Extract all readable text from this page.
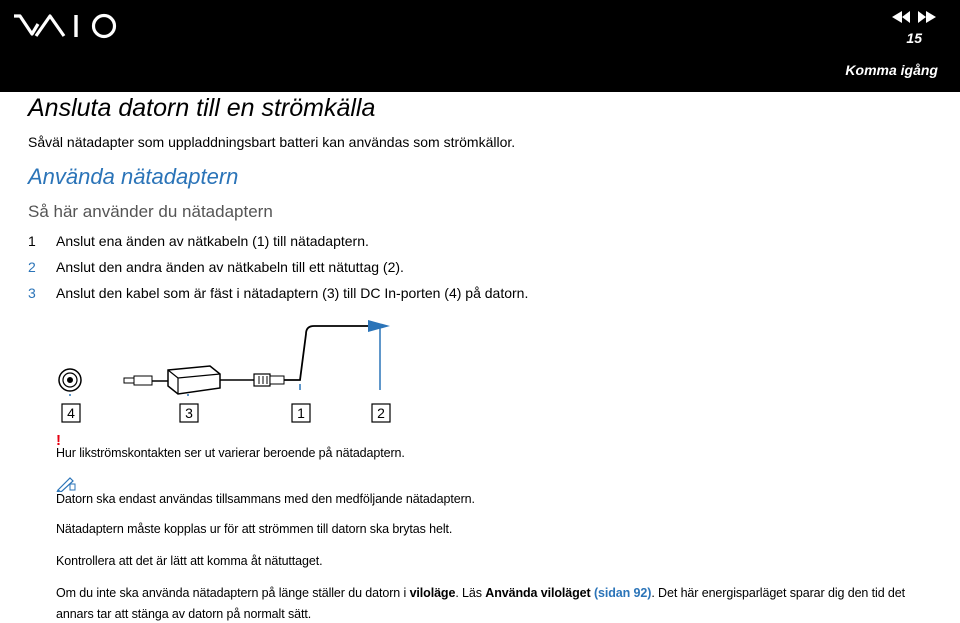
15
Komma igång
Ansluta datorn till en strömkälla
Såväl nätadapter som uppladdningsbart batteri kan användas som strömkällor.
Använda nätadaptern
Så här använder du nätadaptern
1 Anslut ena änden av nätkabeln (1) till nätadaptern.
2 Anslut den andra änden av nätkabeln till ett nätuttag (2).
3 Anslut den kabel som är fäst i nätadaptern (3) till DC In-porten (4) på datorn.
4	3	1	2
!
Hur likströmskontakten ser ut varierar beroende på nätadaptern.
Datorn ska endast användas tillsammans med den medföljande nätadaptern.
Nätadaptern måste kopplas ur för att strömmen till datorn ska brytas helt.
Kontrollera att det är lätt att komma åt nätuttaget.
Om du inte ska använda nätadaptern på länge ställer du datorn i viloläge. Läs Använda viloläget (sidan 92). Det här energisparläget sparar dig den tid det
annars tar att stänga av datorn på normalt sätt.
